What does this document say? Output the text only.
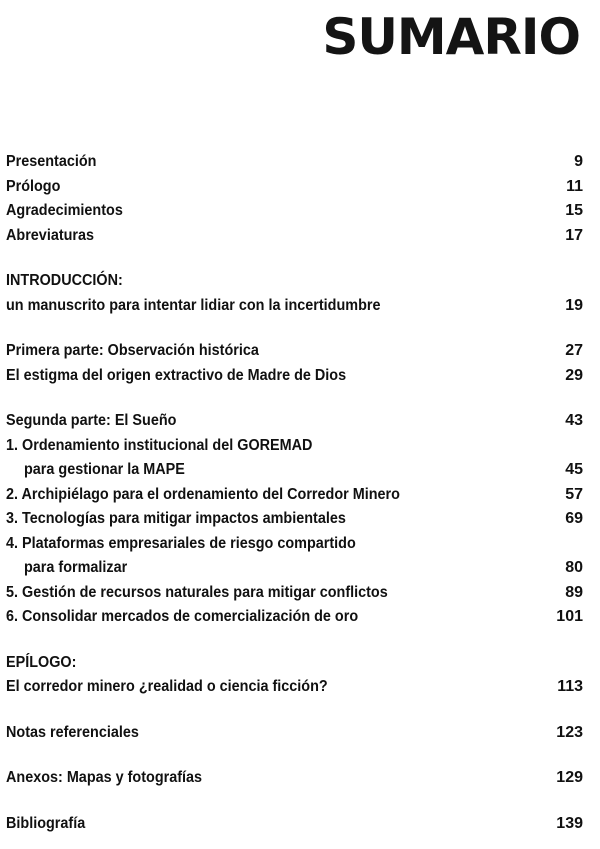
SUMARIO
Presentación	9
Prólogo	11
Agradecimientos	15
Abreviaturas	17
INTRODUCCIÓN:
un manuscrito para intentar lidiar con la incertidumbre	19
Primera parte: Observación histórica	27
El estigma del origen extractivo de Madre de Dios	29
Segunda parte: El Sueño	43
1. Ordenamiento institucional del GOREMAD
para gestionar la MAPE	45
2. Archipiélago para el ordenamiento del Corredor Minero	57
3. Tecnologías para mitigar impactos ambientales	69
4. Plataformas empresariales de riesgo compartido
para formalizar	80
5. Gestión de recursos naturales para mitigar conflictos	89
6. Consolidar mercados de comercialización de oro	101
EPÍLOGO:
El corredor minero ¿realidad o ciencia ficción?	113
Notas referenciales	123
Anexos: Mapas y fotografías	129
Bibliografía	139
